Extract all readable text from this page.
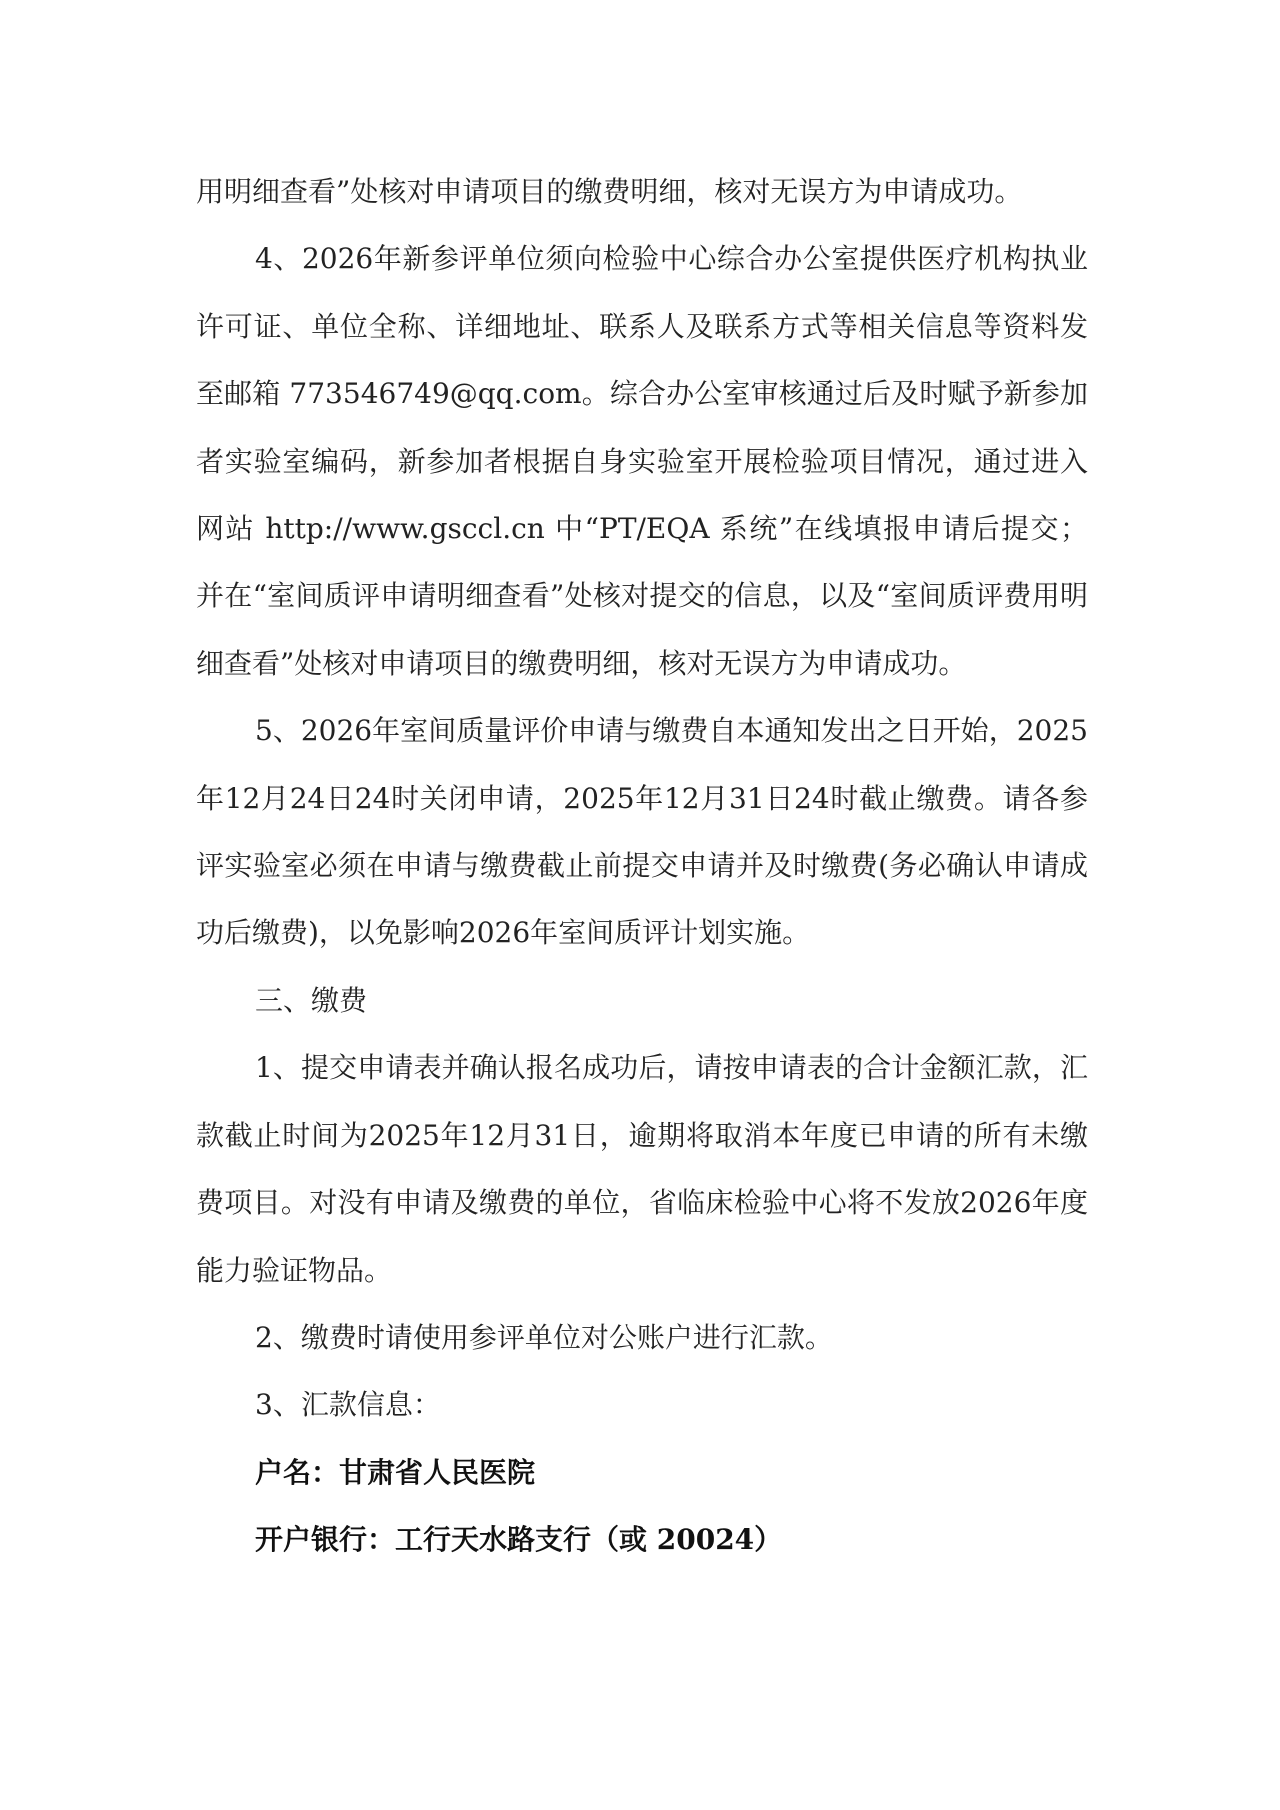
用明细查看”处核对申请项目的缴费明细，核对无误方为申请成功。

4、2026年新参评单位须向检验中心综合办公室提供医疗机构执业许可证、单位全称、详细地址、联系人及联系方式等相关信息等资料发至邮箱 773546749@qq.com。综合办公室审核通过后及时赋予新参加者实验室编码，新参加者根据自身实验室开展检验项目情况，通过进入网站 http://www.gsccl.cn 中“PT/EQA 系统”在线填报申请后提交；并在“室间质评申请明细查看”处核对提交的信息，以及“室间质评费用明细查看”处核对申请项目的缴费明细，核对无误方为申请成功。

5、2026年室间质量评价申请与缴费自本通知发出之日开始，2025年12月24日24时关闭申请，2025年12月31日24时截止缴费。请各参评实验室必须在申请与缴费截止前提交申请并及时缴费(务必确认申请成功后缴费)，以免影响2026年室间质评计划实施。

三、缴费

1、提交申请表并确认报名成功后，请按申请表的合计金额汇款，汇款截止时间为2025年12月31日，逾期将取消本年度已申请的所有未缴费项目。对没有申请及缴费的单位，省临床检验中心将不发放2026年度能力验证物品。

2、缴费时请使用参评单位对公账户进行汇款。

3、汇款信息：

户名：甘肃省人民医院

开户银行：工行天水路支行（或 20024）
